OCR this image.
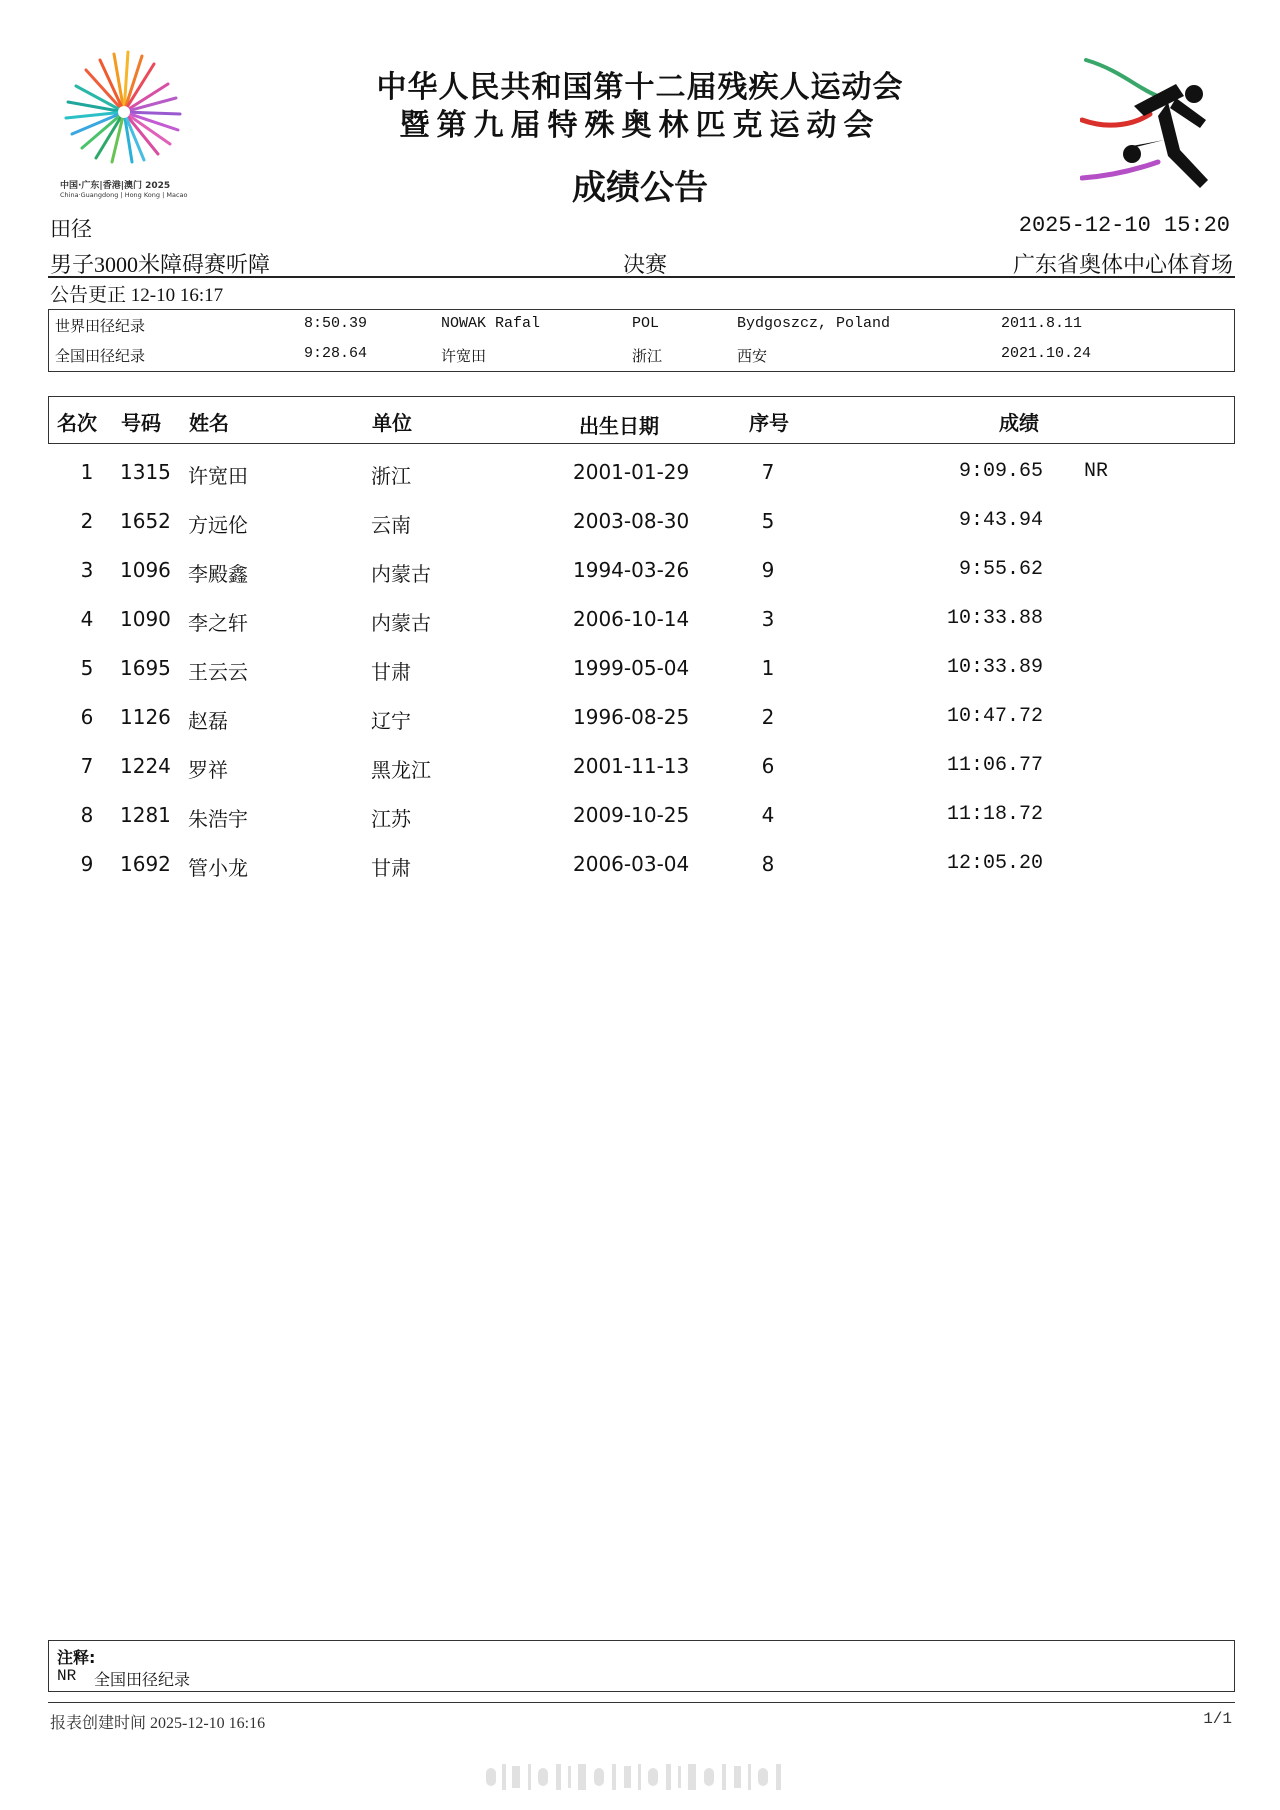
中国·广东|香港|澳门 2025
China·Guangdong | Hong Kong | Macao
中华人民共和国第十二届残疾人运动会
暨第九届特殊奥林匹克运动会
成绩公告
田径	2025-12-10 15:20
男子3000米障碍赛听障	决赛	广东省奥体中心体育场
公告更正 12-10 16:17
世界田径纪录	8:50.39	NOWAK Rafal	POL	Bydgoszcz, Poland	2011.8.11
全国田径纪录	9:28.64	许宽田	浙江	西安	2021.10.24
名次 号码 姓名	单位	出生日期	序号	成绩
1 1315 许宽田	浙江	2001-01-29	7	9:09.65 NR
2 1652 方远伦	云南	2003-08-30	5	9:43.94
3 1096 李殿鑫	内蒙古	1994-03-26	9	9:55.62
4 1090 李之轩	内蒙古	2006-10-14	3	10:33.88
5 1695 王云云	甘肃	1999-05-04	1	10:33.89
6 1126 赵磊	辽宁	1996-08-25	2	10:47.72
7 1224 罗祥	黑龙江	2001-11-13	6	11:06.77
8 1281 朱浩宇	江苏	2009-10-25	4	11:18.72
9 1692 管小龙	甘肃	2006-03-04	8	12:05.20
注释:
NR 全国田径纪录
报表创建时间 2025-12-10 16:16	1/1
